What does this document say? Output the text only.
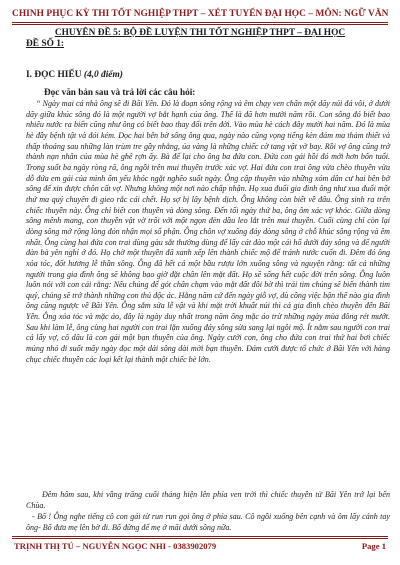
CHINH PHỤC KỲ THI TỐT NGHIỆP THPT – XÉT TUYỂN ĐẠI HỌC – MÔN: NGỮ VĂN
CHUYÊN ĐỀ 5: BỘ ĐỀ LUYỆN THI TỐT NGHIỆP THPT – ĐẠI HỌC
ĐỀ SỐ 1:
I. ĐỌC HIỂU (4,0 điểm)
Đọc văn bản sau và trả lời các câu hỏi:
“ Ngày mai cá nhà ông sẽ đi Bãi Yên. Đó là đoạn sông rộng và êm chạy ven chân một dãy núi đá vôi, ở dưới dãy giữa khúc sông đó là một người vợ bắt hạnh của ông. Thế là đã hơn mười năm rồi. Con sông đó biết bao nhiêu nước ra biển cũng như ông có biết bao thay đổi trên đời. Vào mùa hè cách đây mười hai năm. Đó là mùa hè đầy bệnh tật và đói kém. Dọc hai bên bờ sông ông qua, ngày nào cũng vọng tiếng kèn đám ma thảm thiết và thấp thoáng sau những làn trùm tre gầy nhẳng, úa vàng là những chiếc cờ tang vật vờ bay. Rồi vợ ông cũng trở thành nạn nhân của mùa hè ghê rợn ấy. Bà để lại cho ông ba đứa con. Đứa con gái hồi đó mới hơn bốn tuổi. Trong suốt ba ngày ròng rã, ông ngồi trên mui thuyền trước xác vợ. Hai đứa con trai ông vừa chèo thuyền vừa dỗ đứa em gái của mình ốm yếu khóc ngặt nghẽo suốt ngày. Ông cập thuyền vào những xóm dân cư hai bên bờ sông để xin được chôn cất vợ. Nhưng không một nơi nào chấp nhận. Họ xua đuổi gia đình ông như xua đuổi một thứ ma quỷ chuyên đi gieo rắc cái chết. Họ sợ bị lây bệnh dịch. Ông không còn biết về đâu. Ông sinh ra trên chiếc thuyền này. Ông chỉ biết con thuyền và dòng sông. Đến tối ngày thứ ba, ông ôm xác vợ khóc. Giữa dòng sông mênh mang, con thuyền vật vờ trôi với một ngọn đèn dầu leo lắt trên mui thuyền. Cuối cùng chỉ còn lại dòng sông mở rộng lòng đón nhận mọi số phận. Ông chôn vợ xuống đáy dòng sông ở chỗ khúc sông rộng và êm nhất. Ông cùng hai đứa con trai dùng gàu sắt thường dùng để lấy cát đào một cái hố dưới đáy sông và để người đàn bà yên nghỉ ở đó. Họ chờ một thuyền đã xanh xếp lên thành chiếc mộ để tránh nước cuốn đi. Đêm đó ông xỏa tóc, đốt hương lễ thần sông. Ông đã hết cả một bầu rượu lớn xuống sông và nguyện rằng: tất cả những người trong gia đình ông sẽ không bao giờ đặt chân lên mặt đất. Họ sẽ sống hết cuộc đời trên sông. Ông luôn luôn nói với con cái rằng: Nếu chúng để gót chân chạm vào mặt đất đôi bờ thì trái tim chúng sẽ biến thành tim quỷ, chúng sẽ trở thành những con thú độc ác. Hằng năm cứ đến ngày giỗ vợ, dù công việc bận thế nào gia đình ông cũng ngược về Bãi Yên. Ông sắm sửa lễ vật và khi mặt trời khuất núi thì cả gia đình chèo thuyền đến Bãi Yên. Ông xỏa tóc và mặc áo, đây là ngày duy nhất trong năm ông mặc áo trừ những ngày mùa đông rét mướt. Sau khi làm lễ, ông cùng hai người con trai lặn xuống đáy sông sửa sang lại ngôi mộ. Ít nằm sau người con trai cả lấy vợ, cô dâu là con gái một bạn thuyền của ông. Ngày cưới con, ông cho đứa con trai thứ hai bơi chiếc mủng nhỏ đi suốt mấy ngày đọc một dải sông dài mời bạn thuyền. Đám cưới được tổ chức ở Bãi Yên với hàng chục chiếc thuyền các loại kết lại thành một chiếc bè lớn.
Đêm hôm sau, khi vầng trăng cuối tháng hiện lên phía ven trời thì chiếc thuyền từ Bãi Yên trở lại bến Chùa.
- Bố ! Ông nghe tiếng cô con gái từ run run gọi ông ở phía sau. Cô ngồi xuống bên cạnh và ôm lấy cánh tay ông- Bố đưa mẹ lên bờ đi. Bố đừng để mẹ ở mãi dưới sông nữa.
TRỊNH THỊ TÚ – NGUYỄN NGỌC NHI - 0383902079	Page 1
